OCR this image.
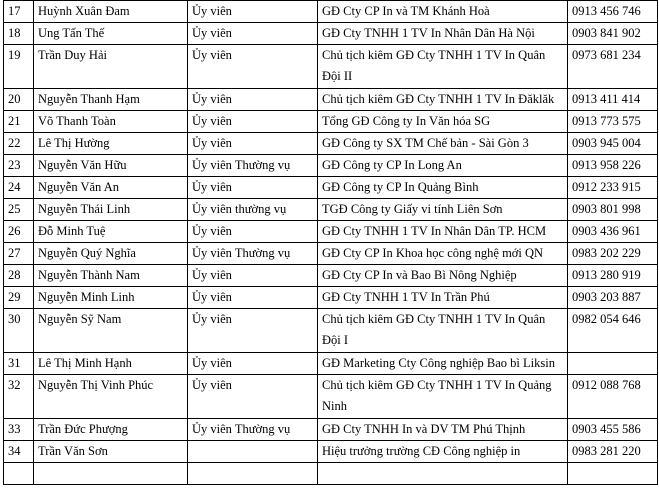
17	Huỳnh Xuân Đam	Ủy viên	GĐ Cty CP In và TM Khánh Hoà	0913 456 746
18	Ung Tấn Thế	Ủy viên	GĐ Cty TNHH 1 TV In Nhân Dân Hà Nội	0903 841 902
19	Trần Duy Hải	Ủy viên	Chủ tịch kiêm GĐ Cty TNHH 1 TV In Quân Đội II	0973 681 234
20	Nguyễn Thanh Hạm	Ủy viên	Chủ tịch kiêm GĐ Cty TNHH 1 TV In Đăklăk	0913 411 414
21	Võ Thanh Toàn	Ủy viên	Tổng GĐ Công ty In Văn hóa SG	0913 773 575
22	Lê Thị Hường	Ủy viên	GĐ Công ty SX TM Chế bản - Sài Gòn 3	0903 945 004
23	Nguyễn Văn Hữu	Ủy viên Thường vụ	GĐ Công ty CP In Long An	0913 958 226
24	Nguyễn Văn An	Ủy viên	GĐ Công ty CP In Quảng Bình	0912 233 915
25	Nguyễn Thái Linh	Ủy viên thường vụ	TGĐ Công ty Giấy vi tính Liên Sơn	0903 801 998
26	Đỗ Minh Tuệ	Ủy viên	GĐ Cty TNHH 1 TV In Nhân Dân TP. HCM	0903 436 961
27	Nguyễn Quý Nghĩa	Ủy viên Thường vụ	GĐ Cty CP In Khoa học công nghệ mới QN	0983 202 229
28	Nguyễn Thành Nam	Ủy viên	GĐ Cty CP In và Bao Bì Nông Nghiệp	0913 280 919
29	Nguyễn Minh Linh	Ủy viên	GĐ Cty TNHH 1 TV In Trần Phú	0903 203 887
30	Nguyễn Sỹ Nam	Ủy viên	Chủ tịch kiêm GĐ Cty TNHH 1 TV In Quân Đội I	0982 054 646
31	Lê Thị Minh Hạnh	Ủy viên	GĐ Marketing Cty Công nghiệp Bao bì Liksin	
32	Nguyễn Thị Vinh Phúc	Ủy viên	Chủ tịch kiêm GĐ Cty TNHH 1 TV In Quảng Ninh	0912 088 768
33	Trần Đức Phượng	Ủy viên Thường vụ	GĐ Cty TNHH In và DV TM Phú Thịnh	0903 455 586
34	Trần Văn Sơn		Hiệu trưởng trường CĐ Công nghiệp in	0983 281 220
